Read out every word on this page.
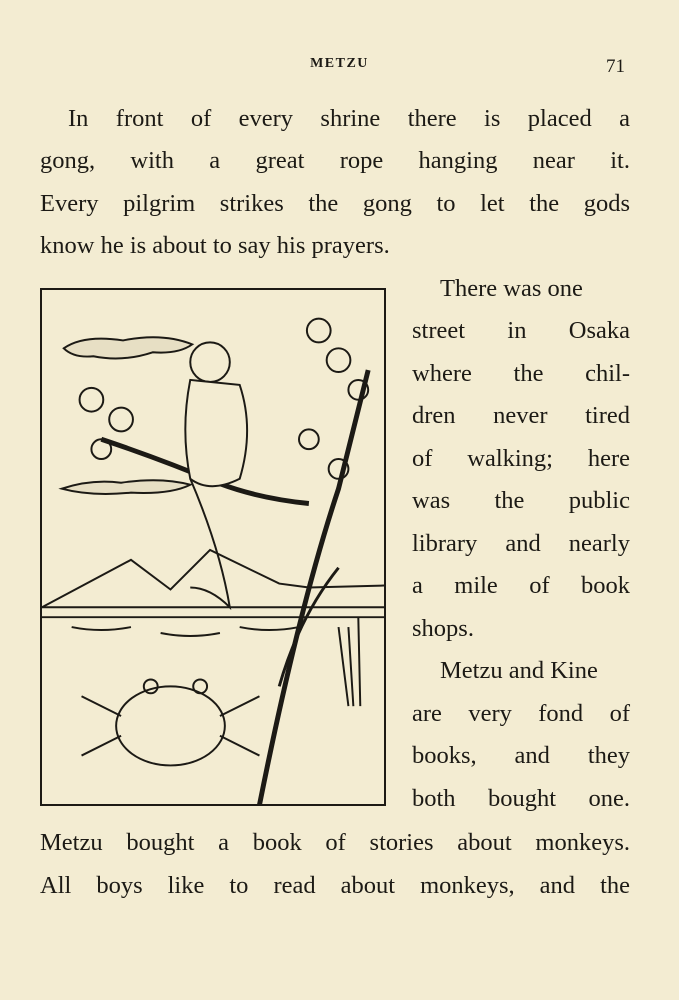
METZU	71
In front of every shrine there is placed a
gong, with a great rope hanging near it.
Every pilgrim strikes the gong to let the gods
know he is about to say his prayers.
There was one
street in Osaka
where the chil-
dren never tired
of walking; here
was the public
library and nearly
a mile of book
shops.
Metzu and Kine
are very fond of
books, and they
both bought one.
Metzu bought a book of stories about monkeys.
All boys like to read about monkeys, and the
